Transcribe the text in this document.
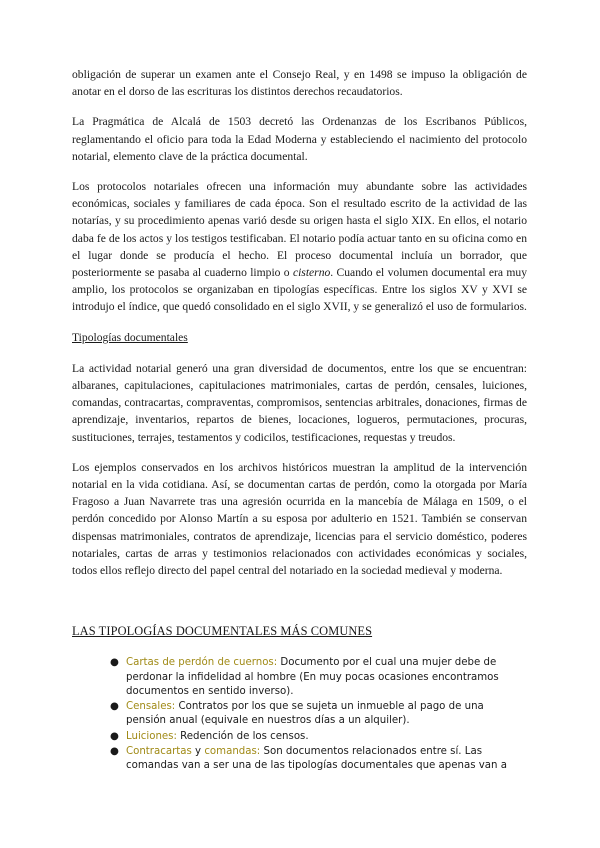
obligación de superar un examen ante el Consejo Real, y en 1498 se impuso la obligación de anotar en el dorso de las escrituras los distintos derechos recaudatorios.

La Pragmática de Alcalá de 1503 decretó las Ordenanzas de los Escribanos Públicos, reglamentando el oficio para toda la Edad Moderna y estableciendo el nacimiento del protocolo notarial, elemento clave de la práctica documental.

Los protocolos notariales ofrecen una información muy abundante sobre las actividades económicas, sociales y familiares de cada época. Son el resultado escrito de la actividad de las notarías, y su procedimiento apenas varió desde su origen hasta el siglo XIX. En ellos, el notario daba fe de los actos y los testigos testificaban. El notario podía actuar tanto en su oficina como en el lugar donde se producía el hecho. El proceso documental incluía un borrador, que posteriormente se pasaba al cuaderno limpio o cisterno. Cuando el volumen documental era muy amplio, los protocolos se organizaban en tipologías específicas. Entre los siglos XV y XVI se introdujo el índice, que quedó consolidado en el siglo XVII, y se generalizó el uso de formularios.

Tipologías documentales

La actividad notarial generó una gran diversidad de documentos, entre los que se encuentran: albaranes, capitulaciones, capitulaciones matrimoniales, cartas de perdón, censales, luiciones, comandas, contracartas, compraventas, compromisos, sentencias arbitrales, donaciones, firmas de aprendizaje, inventarios, repartos de bienes, locaciones, logueros, permutaciones, procuras, sustituciones, terrajes, testamentos y codicilos, testificaciones, requestas y treudos.

Los ejemplos conservados en los archivos históricos muestran la amplitud de la intervención notarial en la vida cotidiana. Así, se documentan cartas de perdón, como la otorgada por María Fragoso a Juan Navarrete tras una agresión ocurrida en la mancebía de Málaga en 1509, o el perdón concedido por Alonso Martín a su esposa por adulterio en 1521. También se conservan dispensas matrimoniales, contratos de aprendizaje, licencias para el servicio doméstico, poderes notariales, cartas de arras y testimonios relacionados con actividades económicas y sociales, todos ellos reflejo directo del papel central del notariado en la sociedad medieval y moderna.

LAS TIPOLOGÍAS DOCUMENTALES MÁS COMUNES

● Cartas de perdón de cuernos: Documento por el cual una mujer debe de perdonar la infidelidad al hombre (En muy pocas ocasiones encontramos documentos en sentido inverso).
● Censales: Contratos por los que se sujeta un inmueble al pago de una pensión anual (equivale en nuestros días a un alquiler).
● Luiciones: Redención de los censos.
● Contracartas y comandas: Son documentos relacionados entre sí. Las comandas van a ser una de las tipologías documentales que apenas van a
